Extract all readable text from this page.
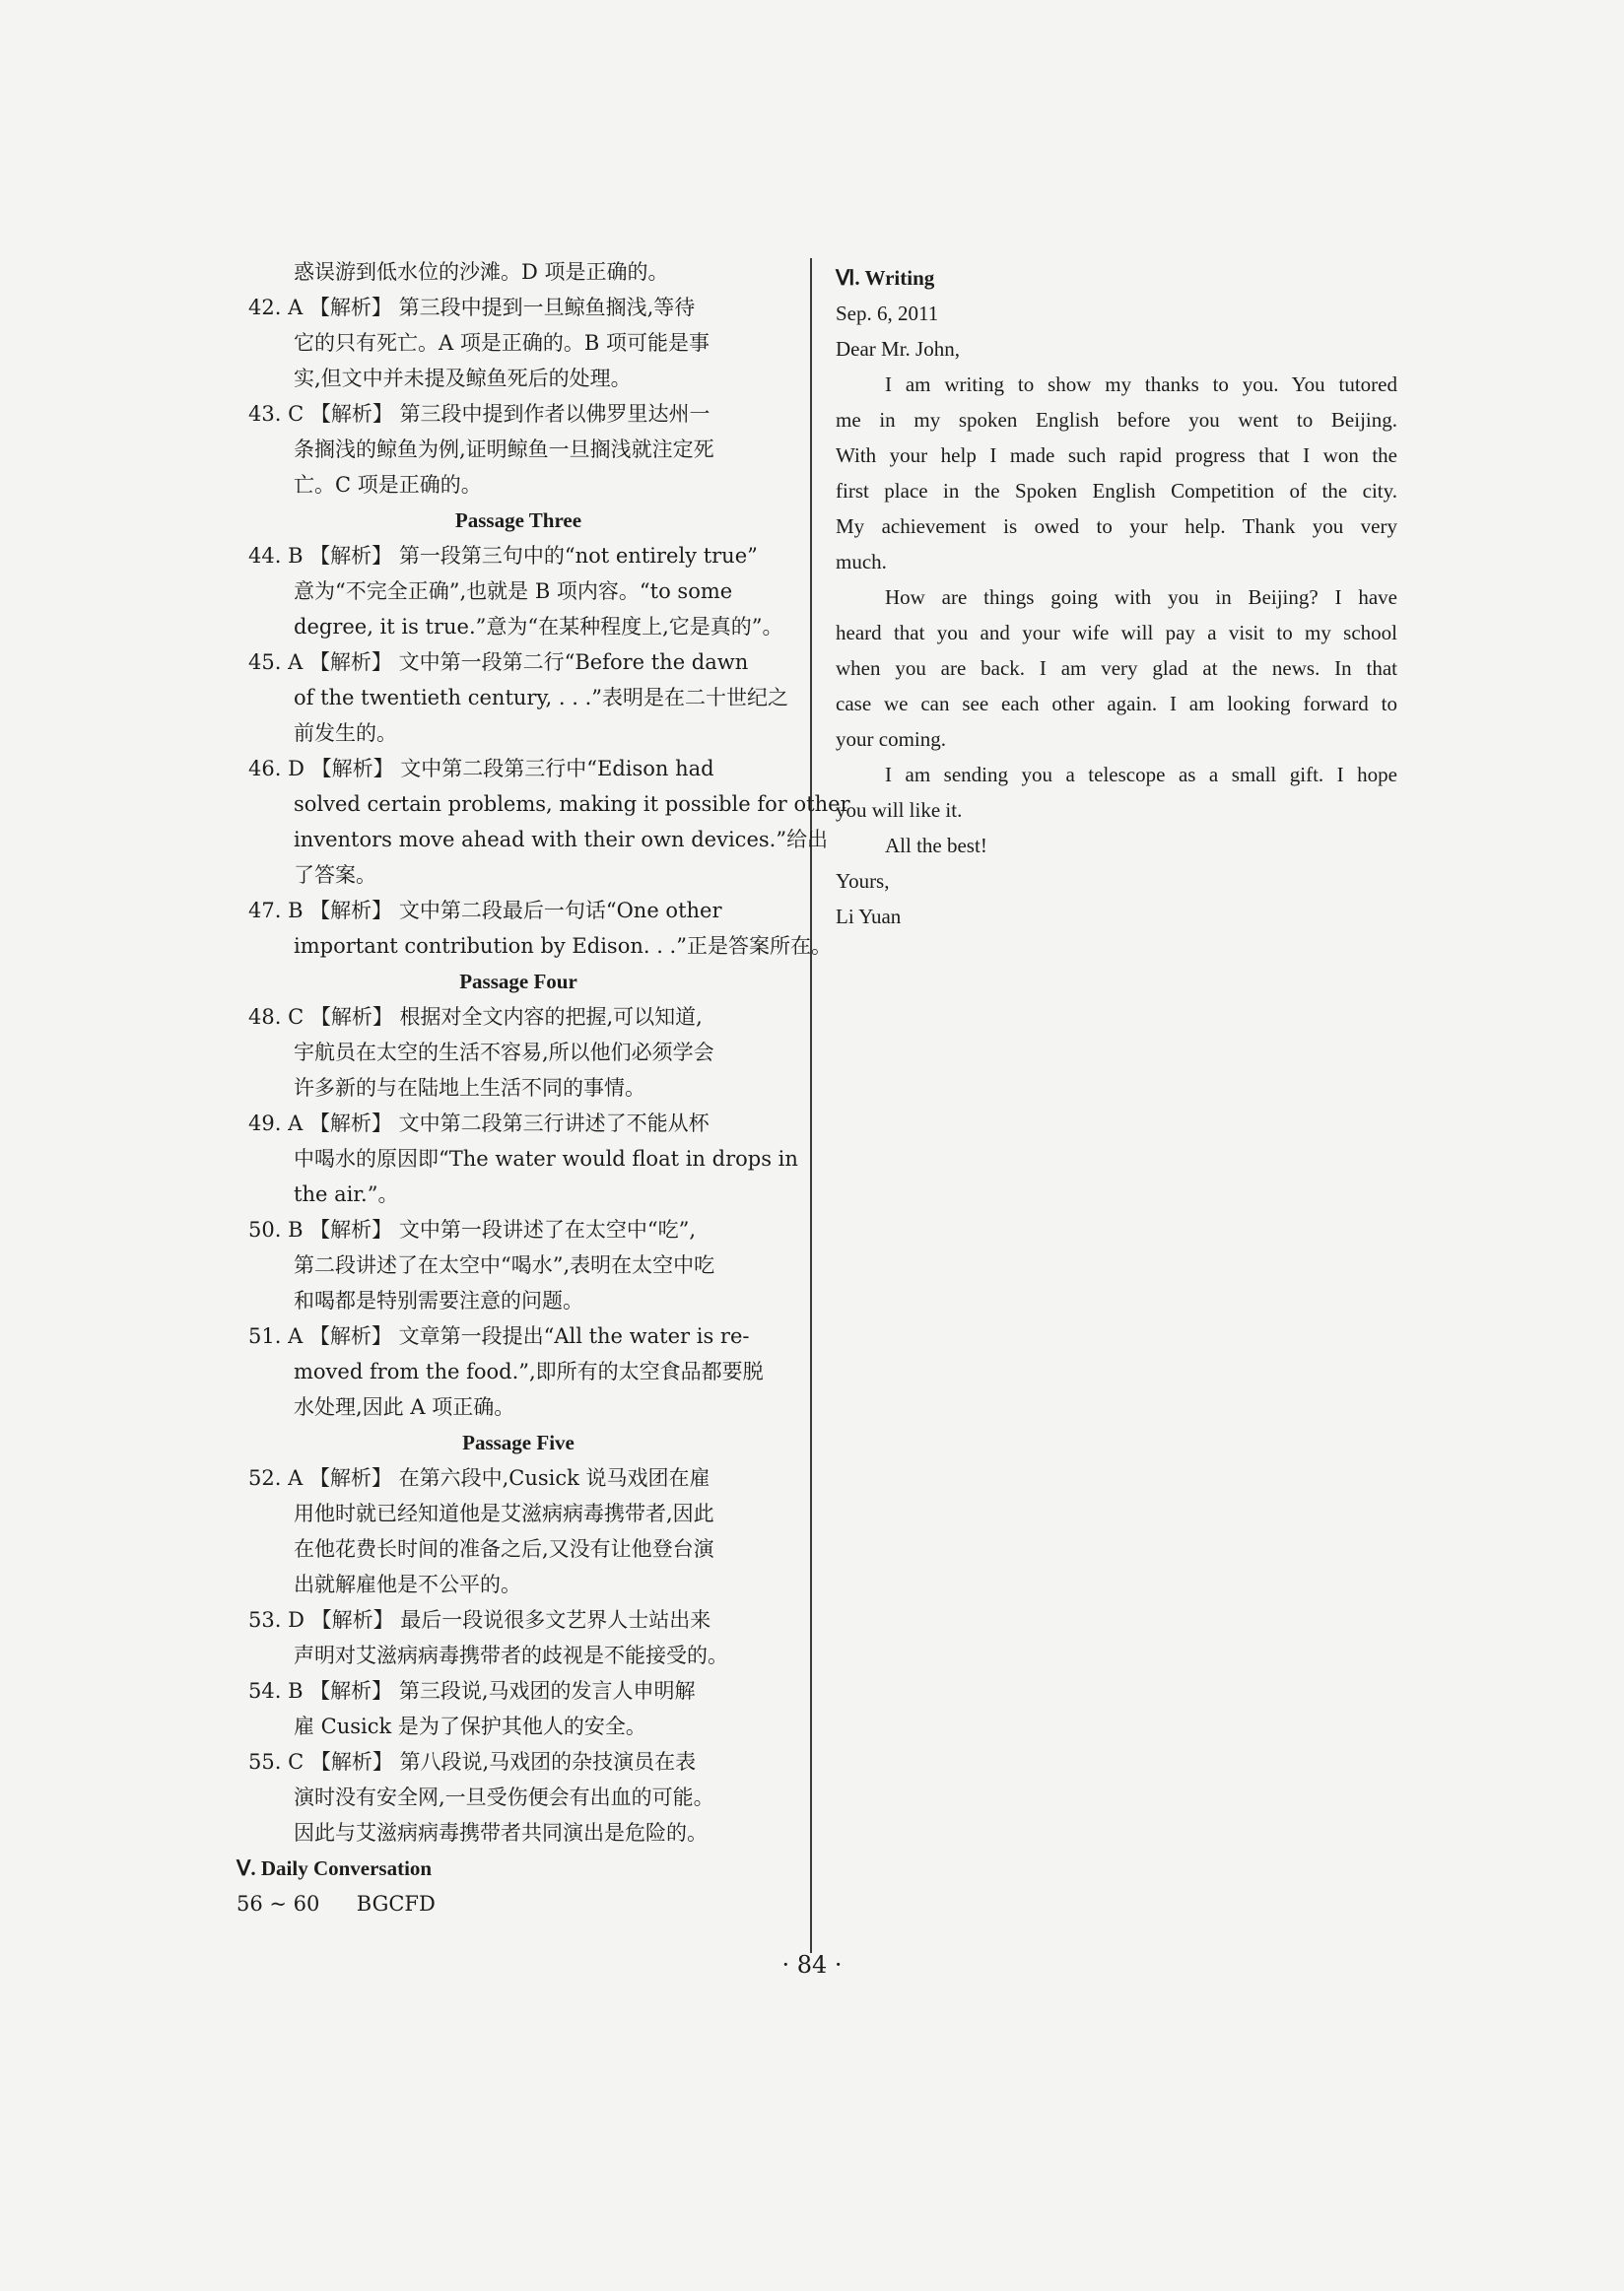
惑误游到低水位的沙滩。D 项是正确的。
42. A 【解析】 第三段中提到一旦鲸鱼搁浅,等待
它的只有死亡。A 项是正确的。B 项可能是事
实,但文中并未提及鲸鱼死后的处理。
43. C 【解析】 第三段中提到作者以佛罗里达州一
条搁浅的鲸鱼为例,证明鲸鱼一旦搁浅就注定死
亡。C 项是正确的。
Passage Three
44. B 【解析】 第一段第三句中的“not entirely true”
意为“不完全正确”,也就是 B 项内容。“to some
degree, it is true.”意为“在某种程度上,它是真的”。
45. A 【解析】 文中第一段第二行“Before the dawn
of the twentieth century, . . .”表明是在二十世纪之
前发生的。
46. D 【解析】 文中第二段第三行中“Edison had
solved certain problems, making it possible for other
inventors move ahead with their own devices.”给出
了答案。
47. B 【解析】 文中第二段最后一句话“One other
important contribution by Edison. . .”正是答案所在。
Passage Four
48. C 【解析】 根据对全文内容的把握,可以知道,
宇航员在太空的生活不容易,所以他们必须学会
许多新的与在陆地上生活不同的事情。
49. A 【解析】 文中第二段第三行讲述了不能从杯
中喝水的原因即“The water would float in drops in
the air.”。
50. B 【解析】 文中第一段讲述了在太空中“吃”,
第二段讲述了在太空中“喝水”,表明在太空中吃
和喝都是特别需要注意的问题。
51. A 【解析】 文章第一段提出“All the water is re-
moved from the food.”,即所有的太空食品都要脱
水处理,因此 A 项正确。
Passage Five
52. A 【解析】 在第六段中,Cusick 说马戏团在雇
用他时就已经知道他是艾滋病病毒携带者,因此
在他花费长时间的准备之后,又没有让他登台演
出就解雇他是不公平的。
53. D 【解析】 最后一段说很多文艺界人士站出来
声明对艾滋病病毒携带者的歧视是不能接受的。
54. B 【解析】 第三段说,马戏团的发言人申明解
雇 Cusick 是为了保护其他人的安全。
55. C 【解析】 第八段说,马戏团的杂技演员在表
演时没有安全网,一旦受伤便会有出血的可能。
因此与艾滋病病毒携带者共同演出是危险的。
Ⅴ. Daily Conversation
56 ~ 60 BGCFD
Ⅵ. Writing
Sep. 6, 2011
Dear Mr. John,
I am writing to show my thanks to you. You tutored
me in my spoken English before you went to Beijing.
With your help I made such rapid progress that I won the
first place in the Spoken English Competition of the city.
My achievement is owed to your help. Thank you very
much.
How are things going with you in Beijing? I have
heard that you and your wife will pay a visit to my school
when you are back. I am very glad at the news. In that
case we can see each other again. I am looking forward to
your coming.
I am sending you a telescope as a small gift. I hope
you will like it.
All the best!
Yours,
Li Yuan
· 84 ·
